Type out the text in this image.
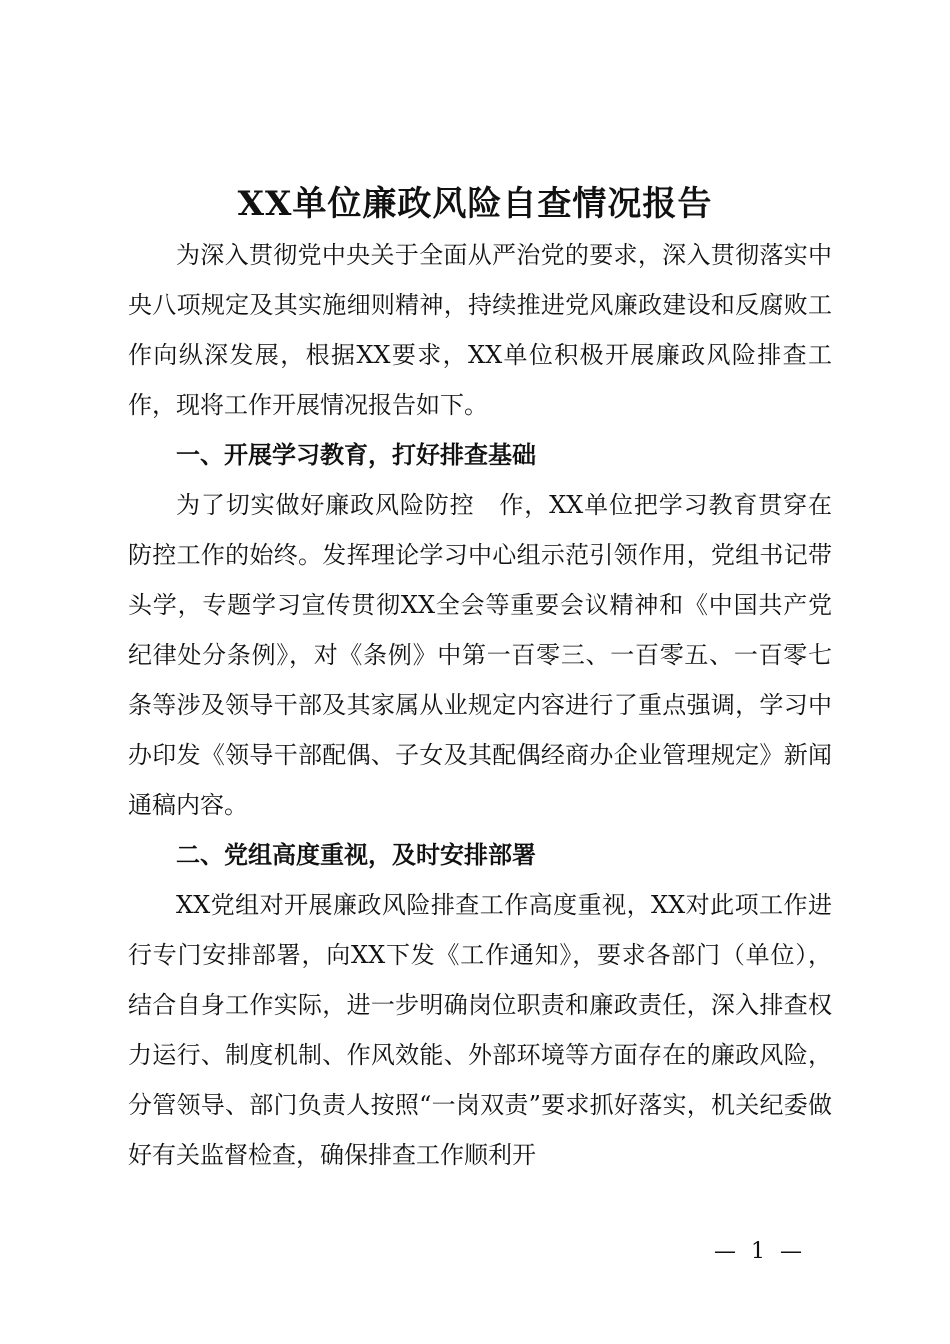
XX单位廉政风险自查情况报告

为深入贯彻党中央关于全面从严治党的要求，深入贯彻落实中央八项规定及其实施细则精神，持续推进党风廉政建设和反腐败工作向纵深发展，根据XX要求，XX单位积极开展廉政风险排查工作，现将工作开展情况报告如下。

一、开展学习教育，打好排查基础

为了切实做好廉政风险防控　作，XX单位把学习教育贯穿在防控工作的始终。发挥理论学习中心组示范引领作用，党组书记带头学，专题学习宣传贯彻XX全会等重要会议精神和《中国共产党纪律处分条例》，对《条例》中第一百零三、一百零五、一百零七条等涉及领导干部及其家属从业规定内容进行了重点强调，学习中办印发《领导干部配偶、子女及其配偶经商办企业管理规定》新闻通稿内容。

二、党组高度重视，及时安排部署

XX党组对开展廉政风险排查工作高度重视，XX对此项工作进行专门安排部署，向XX下发《工作通知》，要求各部门（单位），结合自身工作实际，进一步明确岗位职责和廉政责任，深入排查权力运行、制度机制、作风效能、外部环境等方面存在的廉政风险，分管领导、部门负责人按照“一岗双责”要求抓好落实，机关纪委做好有关监督检查，确保排查工作顺利开

— 1 —
